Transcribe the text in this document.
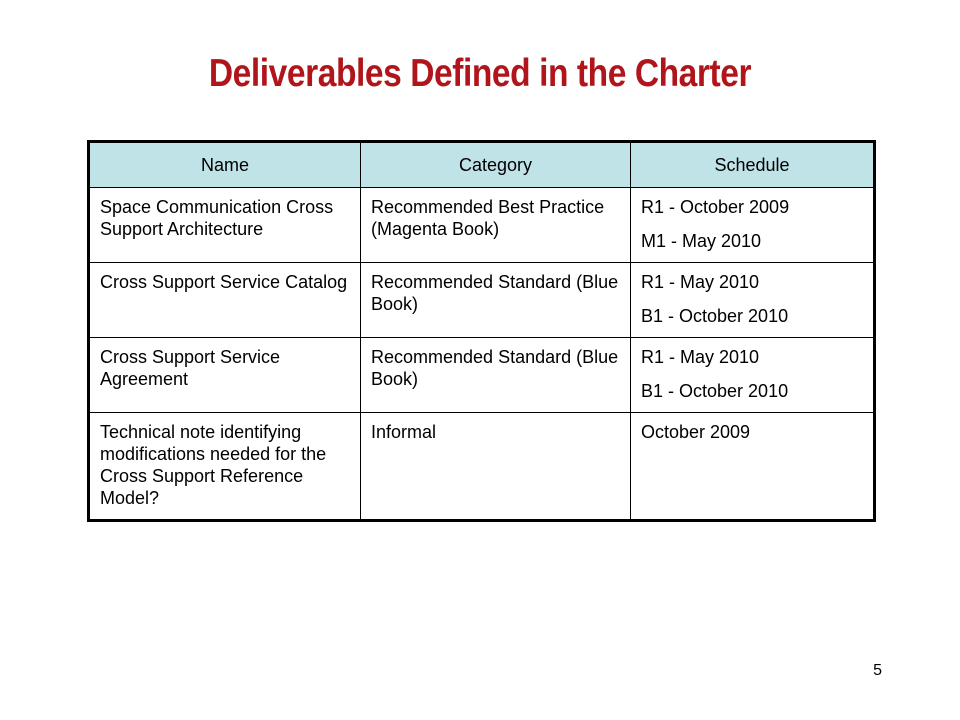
Deliverables Defined in the Charter
Name	Category	Schedule
Space Communication Cross Support Architecture	Recommended Best Practice (Magenta Book)	R1 - October 2009
M1 - May 2010

Cross Support Service Catalog	Recommended Standard (Blue Book)	R1 - May 2010
B1 - October 2010

Cross Support Service Agreement	Recommended Standard (Blue Book)	R1 - May 2010
B1 - October 2010

Technical note identifying modifications needed for the Cross Support Reference Model?	Informal	October 2009
5
